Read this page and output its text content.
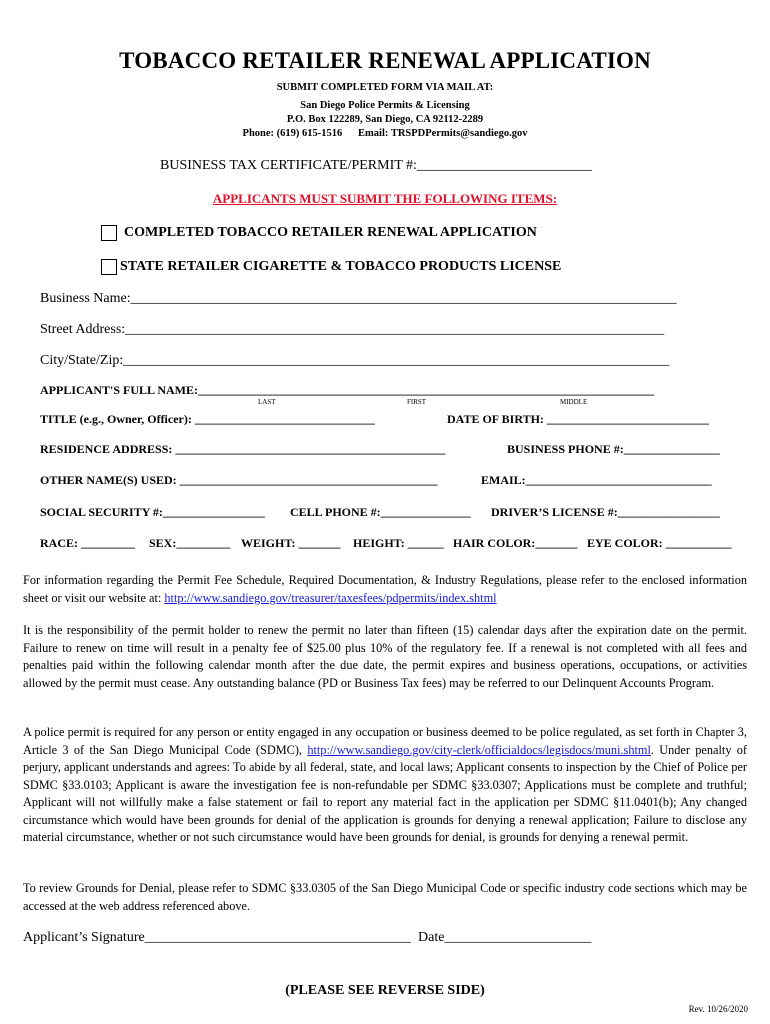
TOBACCO RETAILER RENEWAL APPLICATION
SUBMIT COMPLETED FORM VIA MAIL AT:
San Diego Police Permits & Licensing
P.O. Box 122289, San Diego, CA 92112-2289
Phone: (619) 615-1516 Email: TRSPDPermits@sandiego.gov
BUSINESS TAX CERTIFICATE/PERMIT #:_________________________
APPLICANTS MUST SUBMIT THE FOLLOWING ITEMS:
COMPLETED TOBACCO RETAILER RENEWAL APPLICATION
STATE RETAILER CIGARETTE & TOBACCO PRODUCTS LICENSE
Business Name:______________________________________________________________________________
Street Address:_____________________________________________________________________________
City/State/Zip:______________________________________________________________________________
APPLICANT'S FULL NAME:____________________________________________________________________________
LAST	FIRST	MIDDLE
TITLE (e.g., Owner, Officer): ______________________________	DATE OF BIRTH: ___________________________
RESIDENCE ADDRESS: _____________________________________________	BUSINESS PHONE #:________________
OTHER NAME(S) USED: ___________________________________________	EMAIL:_______________________________
SOCIAL SECURITY #:_________________ CELL PHONE #:_______________ DRIVER’S LICENSE #:_________________
RACE: _________ SEX:_________ WEIGHT: _______ HEIGHT: ______ HAIR COLOR:_______ EYE COLOR: ___________
For information regarding the Permit Fee Schedule, Required Documentation, & Industry Regulations, please refer to the enclosed information sheet or visit our website at: http://www.sandiego.gov/treasurer/taxesfees/pdpermits/index.shtml
It is the responsibility of the permit holder to renew the permit no later than fifteen (15) calendar days after the expiration date on the permit. Failure to renew on time will result in a penalty fee of $25.00 plus 10% of the regulatory fee. If a renewal is not completed with all fees and penalties paid within the following calendar month after the due date, the permit expires and business operations, occupations, or activities allowed by the permit must cease. Any outstanding balance (PD or Business Tax fees) may be referred to our Delinquent Accounts Program.
A police permit is required for any person or entity engaged in any occupation or business deemed to be police regulated, as set forth in Chapter 3, Article 3 of the San Diego Municipal Code (SDMC), http://www.sandiego.gov/city-clerk/officialdocs/legisdocs/muni.shtml. Under penalty of perjury, applicant understands and agrees: To abide by all federal, state, and local laws; Applicant consents to inspection by the Chief of Police per SDMC §33.0103; Applicant is aware the investigation fee is non-refundable per SDMC §33.0307; Applications must be complete and truthful; Applicant will not willfully make a false statement or fail to report any material fact in the application per SDMC §11.0401(b); Any changed circumstance which would have been grounds for denial of the application is grounds for denying a renewal application; Failure to disclose any material circumstance, whether or not such circumstance would have been grounds for denial, is grounds for denying a renewal permit.
To review Grounds for Denial, please refer to SDMC §33.0305 of the San Diego Municipal Code or specific industry code sections which may be accessed at the web address referenced above.
Applicant’s Signature______________________________________ Date_____________________
(PLEASE SEE REVERSE SIDE)
Rev. 10/26/2020
